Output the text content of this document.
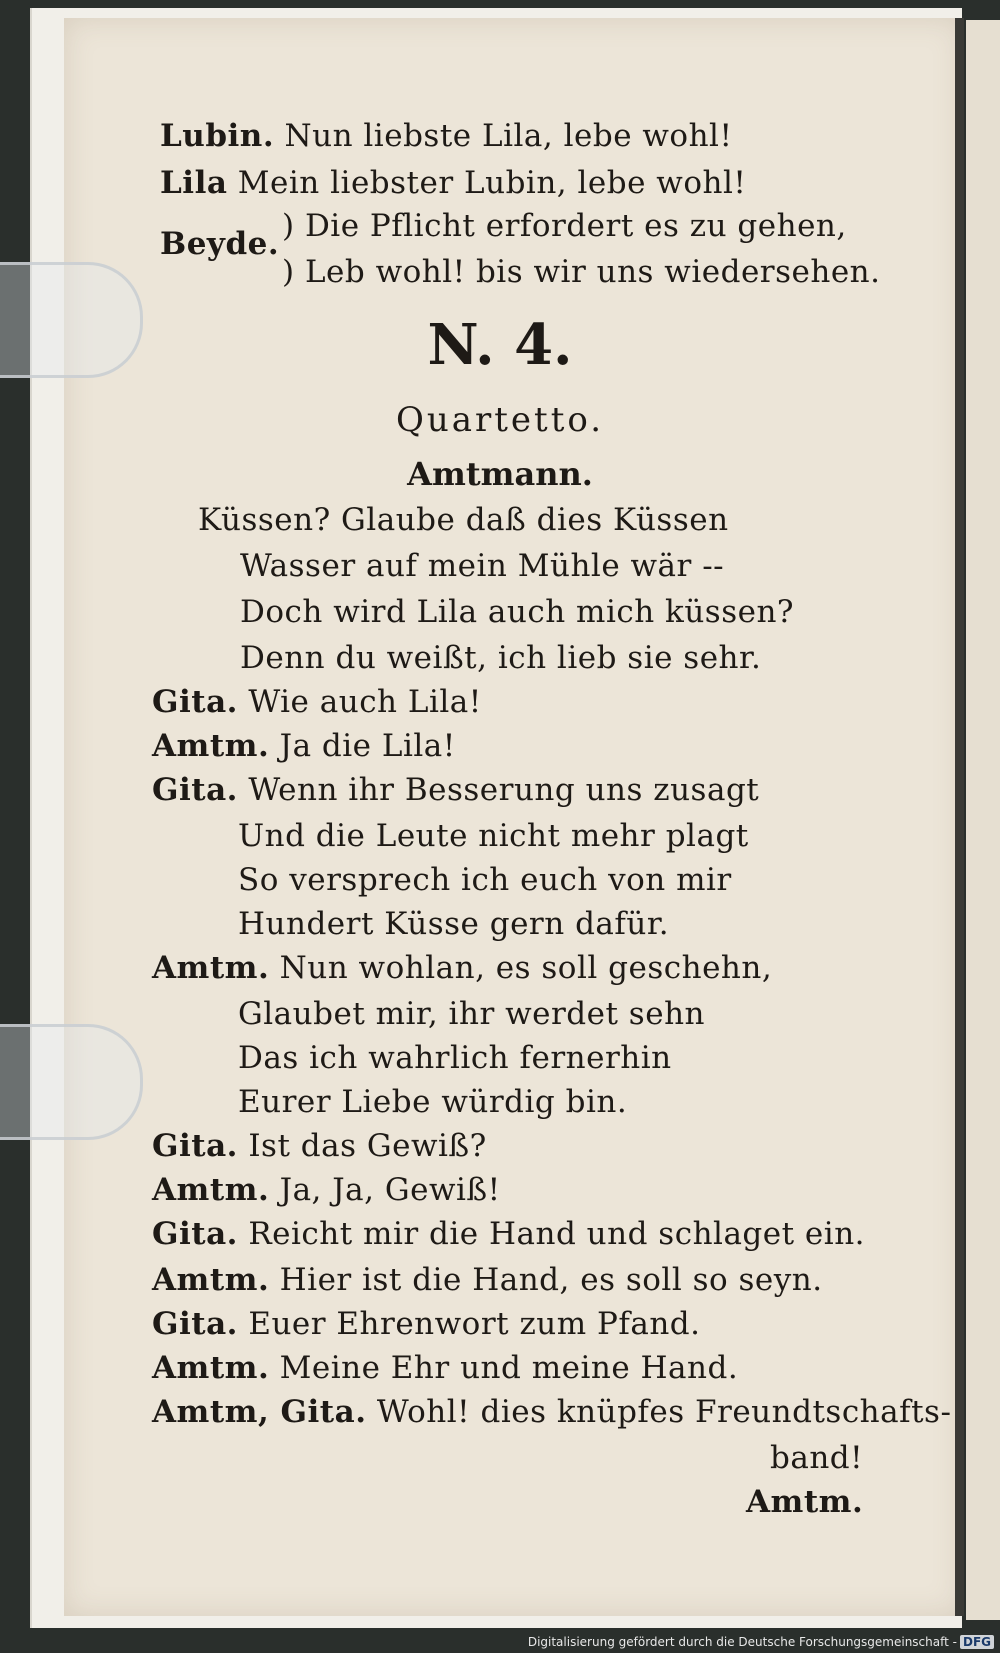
Lubin. Nun liebste Lila, lebe wohl!
Lila Mein liebster Lubin, lebe wohl!
Beyde. ) Die Pflicht erfordert es zu gehen,
) Leb wohl! bis wir uns wiedersehen.
N. 4.
Quartetto.
Amtmann.
Küssen? Glaube daß dies Küssen
Wasser auf mein Mühle wär --
Doch wird Lila auch mich küssen?
Denn du weißt, ich lieb sie sehr.
Gita. Wie auch Lila!
Amtm. Ja die Lila!
Gita. Wenn ihr Besserung uns zusagt
Und die Leute nicht mehr plagt
So versprech ich euch von mir
Hundert Küsse gern dafür.
Amtm. Nun wohlan, es soll geschehn,
Glaubet mir, ihr werdet sehn
Das ich wahrlich fernerhin
Eurer Liebe würdig bin.
Gita. Ist das Gewiß?
Amtm. Ja, Ja, Gewiß!
Gita. Reicht mir die Hand und schlaget ein.
Amtm. Hier ist die Hand, es soll so seyn.
Gita. Euer Ehrenwort zum Pfand.
Amtm. Meine Ehr und meine Hand.
Amtm, Gita. Wohl! dies knüpfes Freundtschafts-
band!
Amtm.
Digitalisierung gefördert durch die Deutsche Forschungsgemeinschaft - DFG
